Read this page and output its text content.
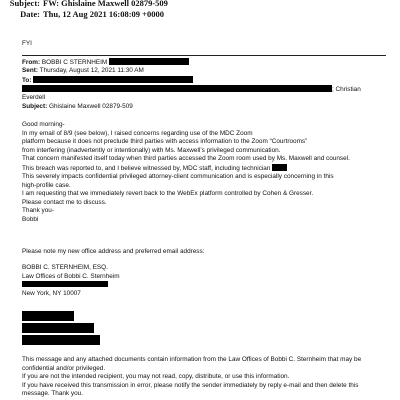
Subject: FW: Ghislaine Maxwell 02879-509
Date: Thu, 12 Aug 2021 16:08:09 +0000
FYI
From: BOBBI C STERNHEIM
Sent: Thursday, August 12, 2021 11:30 AM
To:
; Christian
Everdell
Subject: Ghislaine Maxwell 02879-509
Good morning-
In my email of 8/9 (see below), I raised concerns regarding use of the MDC Zoom
platform because it does not preclude third parties with access information to the Zoom “Courtrooms”
from interfering (inadvertently or intentionally) with Ms. Maxwell’s privileged communication.
That concern manifested itself today when third parties accessed the Zoom room used by Ms. Maxwell and counsel.
This breach was reported to, and I believe witnessed by, MDC staff, including technician
This severely impacts confidential privileged attorney-client communication and is especially concerning in this
high-profile case.
I am requesting that we immediately revert back to the WebEx platform controlled by Cohen & Gresser.
Please contact me to discuss.
Thank you-
Bobbi
Please note my new office address and preferred email address:
BOBBI C. STERNHEIM, ESQ.
Law Offices of Bobbi C. Sternheim
New York, NY 10007
This message and any attached documents contain information from the Law Offices of Bobbi C. Sternheim that may be
confidential and/or privileged.
If you are not the intended recipient, you may not read, copy, distribute, or use this information.
If you have received this transmission in error, please notify the sender immediately by reply e-mail and then delete this
message. Thank you.
